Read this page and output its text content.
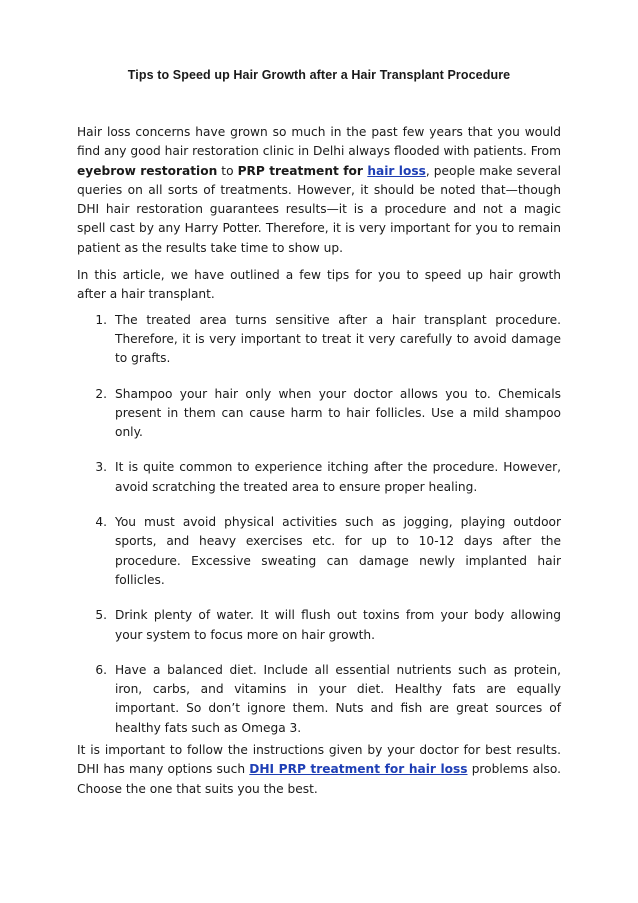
Tips to Speed up Hair Growth after a Hair Transplant Procedure

Hair loss concerns have grown so much in the past few years that you would find any good hair restoration clinic in Delhi always flooded with patients. From eyebrow restoration to PRP treatment for hair loss, people make several queries on all sorts of treatments. However, it should be noted that—though DHI hair restoration guarantees results—it is a procedure and not a magic spell cast by any Harry Potter. Therefore, it is very important for you to remain patient as the results take time to show up.

In this article, we have outlined a few tips for you to speed up hair growth after a hair transplant.

1. The treated area turns sensitive after a hair transplant procedure. Therefore, it is very important to treat it very carefully to avoid damage to grafts.
2. Shampoo your hair only when your doctor allows you to. Chemicals present in them can cause harm to hair follicles. Use a mild shampoo only.
3. It is quite common to experience itching after the procedure. However, avoid scratching the treated area to ensure proper healing.
4. You must avoid physical activities such as jogging, playing outdoor sports, and heavy exercises etc. for up to 10-12 days after the procedure. Excessive sweating can damage newly implanted hair follicles.
5. Drink plenty of water. It will flush out toxins from your body allowing your system to focus more on hair growth.
6. Have a balanced diet. Include all essential nutrients such as protein, iron, carbs, and vitamins in your diet. Healthy fats are equally important. So don’t ignore them. Nuts and fish are great sources of healthy fats such as Omega 3.

It is important to follow the instructions given by your doctor for best results. DHI has many options such DHI PRP treatment for hair loss problems also. Choose the one that suits you the best.
